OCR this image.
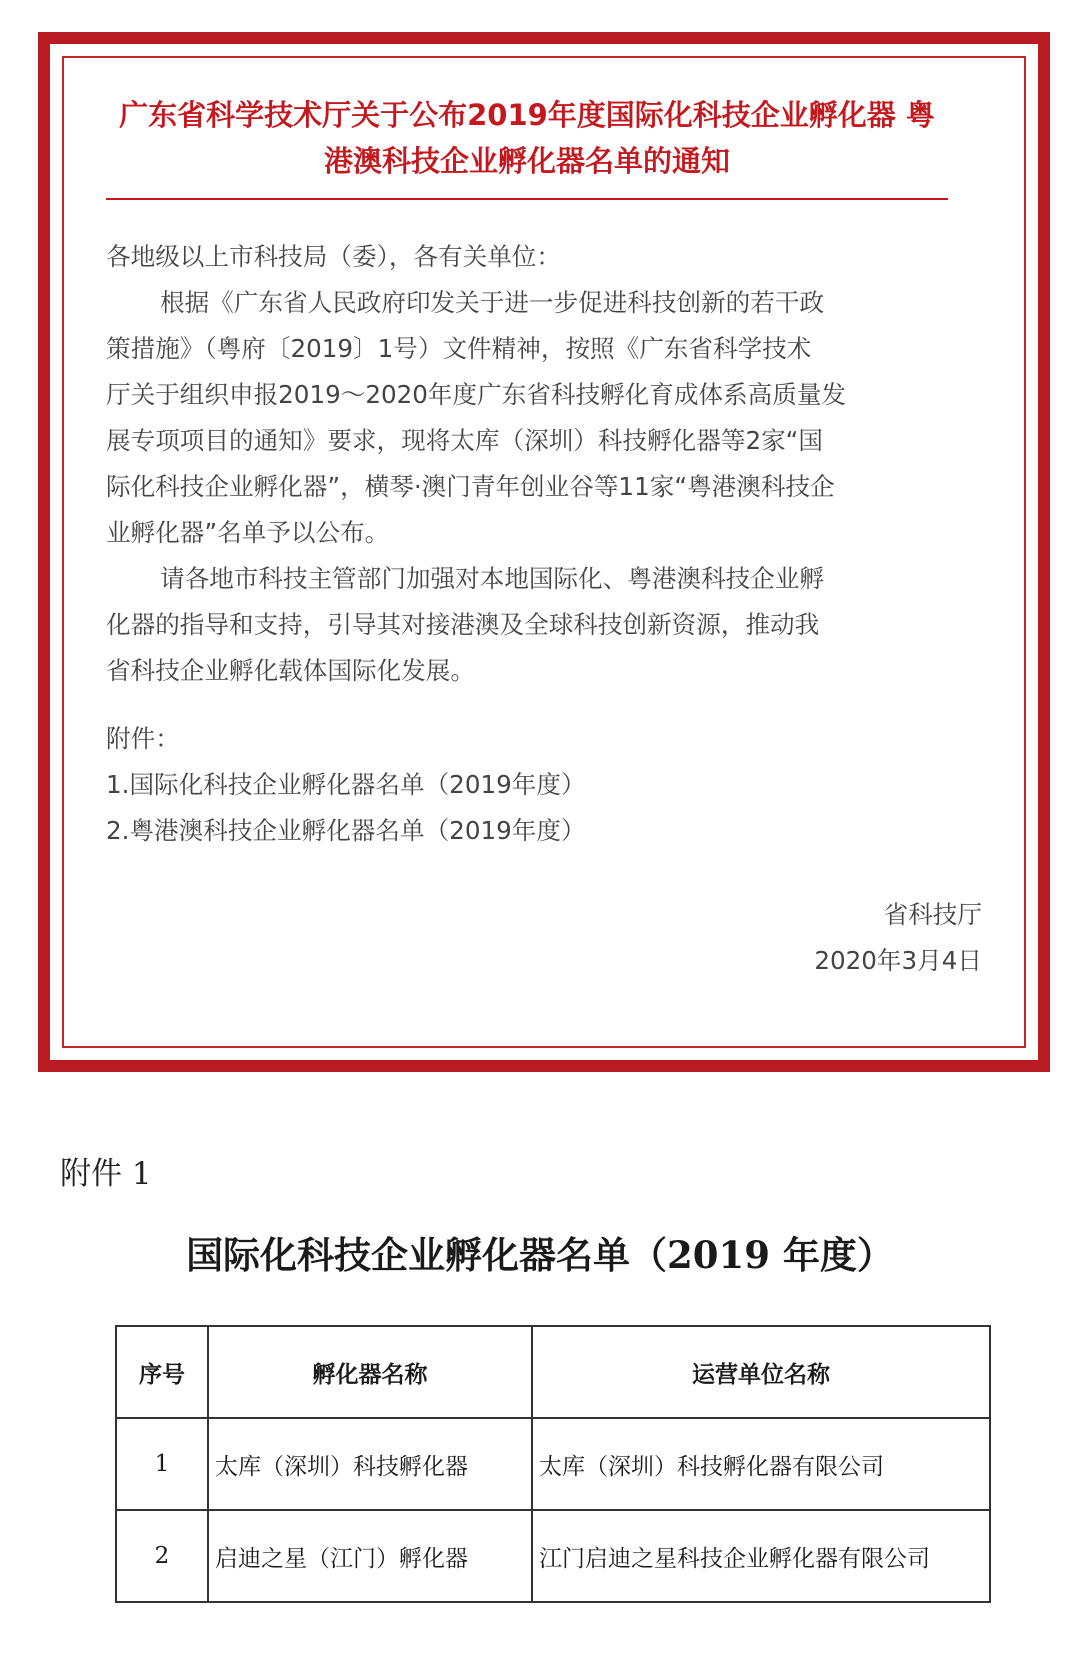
广东省科学技术厅关于公布2019年度国际化科技企业孵化器 粤港澳科技企业孵化器名单的通知

各地级以上市科技局（委），各有关单位：

根据《广东省人民政府印发关于进一步促进科技创新的若干政
策措施》（粤府〔2019〕1号）文件精神，按照《广东省科学技术
厅关于组织申报2019～2020年度广东省科技孵化育成体系高质量发
展专项项目的通知》要求，现将太库（深圳）科技孵化器等2家“国
际化科技企业孵化器”，横琴·澳门青年创业谷等11家“粤港澳科技企
业孵化器”名单予以公布。

请各地市科技主管部门加强对本地国际化、粤港澳科技企业孵
化器的指导和支持，引导其对接港澳及全球科技创新资源，推动我
省科技企业孵化载体国际化发展。

附件：

1.国际化科技企业孵化器名单（2019年度）

2.粤港澳科技企业孵化器名单（2019年度）

省科技厅

2020年3月4日

附件 1

国际化科技企业孵化器名单（2019 年度）
序号	孵化器名称	运营单位名称
1	太库（深圳）科技孵化器	太库（深圳）科技孵化器有限公司
2	启迪之星（江门）孵化器	江门启迪之星科技企业孵化器有限公司
